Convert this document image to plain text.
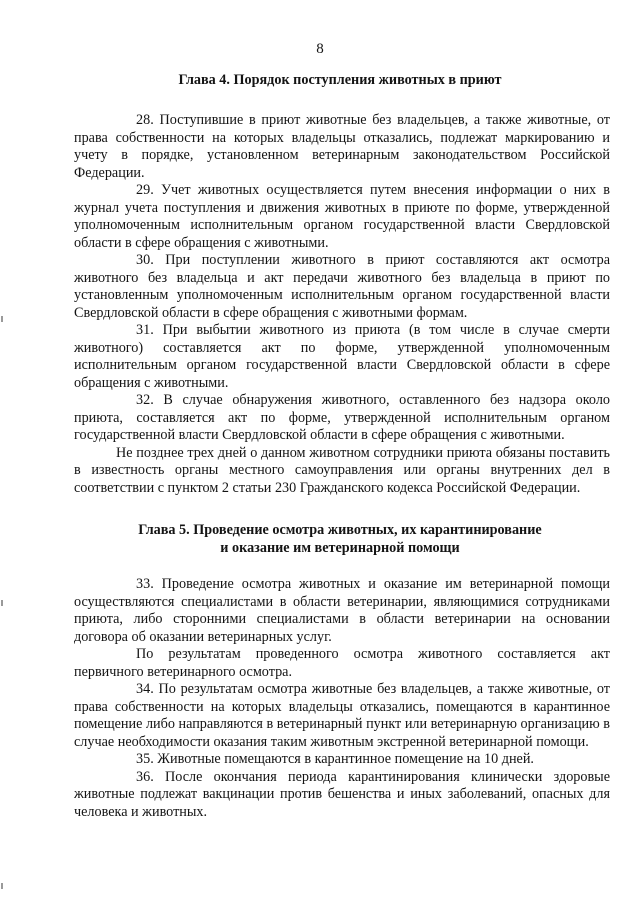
8
Глава 4. Порядок поступления животных в приют

28. Поступившие в приют животные без владельцев, а также животные, от права собственности на которых владельцы отказались, подлежат маркированию и учету в порядке, установленном ветеринарным законодательством Российской Федерации.

29. Учет животных осуществляется путем внесения информации о них в журнал учета поступления и движения животных в приюте по форме, утвержденной уполномоченным исполнительным органом государственной власти Свердловской области в сфере обращения с животными.

30. При поступлении животного в приют составляются акт осмотра животного без владельца и акт передачи животного без владельца в приют по установленным уполномоченным исполнительным органом государственной власти Свердловской области в сфере обращения с животными формам.

31. При выбытии животного из приюта (в том числе в случае смерти животного) составляется акт по форме, утвержденной уполномоченным исполнительным органом государственной власти Свердловской области в сфере обращения с животными.

32. В случае обнаружения животного, оставленного без надзора около приюта, составляется акт по форме, утвержденной исполнительным органом государственной власти Свердловской области в сфере обращения с животными.

Не позднее трех дней о данном животном сотрудники приюта обязаны поставить в известность органы местного самоуправления или органы внутренних дел в соответствии с пунктом 2 статьи 230 Гражданского кодекса Российской Федерации.

Глава 5. Проведение осмотра животных, их карантинирование
и оказание им ветеринарной помощи

33. Проведение осмотра животных и оказание им ветеринарной помощи осуществляются специалистами в области ветеринарии, являющимися сотрудниками приюта, либо сторонними специалистами в области ветеринарии на основании договора об оказании ветеринарных услуг.

По результатам проведенного осмотра животного составляется акт первичного ветеринарного осмотра.

34. По результатам осмотра животные без владельцев, а также животные, от права собственности на которых владельцы отказались, помещаются в карантинное помещение либо направляются в ветеринарный пункт или ветеринарную организацию в случае необходимости оказания таким животным экстренной ветеринарной помощи.

35. Животные помещаются в карантинное помещение на 10 дней.

36. После окончания периода карантинирования клинически здоровые животные подлежат вакцинации против бешенства и иных заболеваний, опасных для человека и животных.
